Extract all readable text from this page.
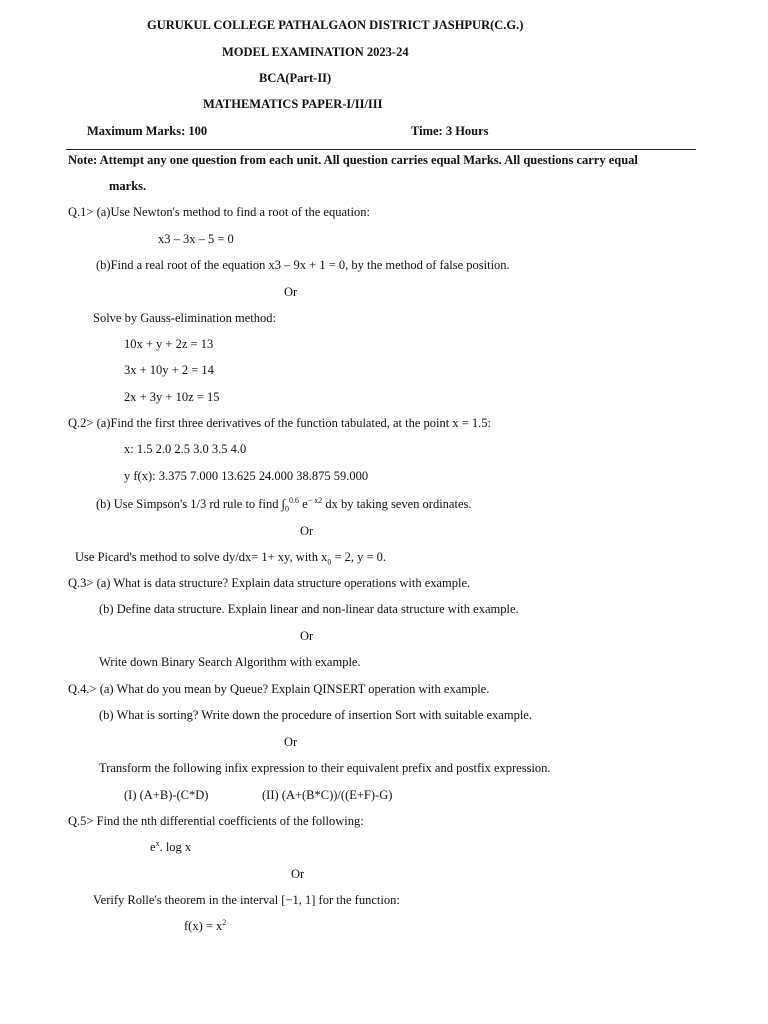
GURUKUL COLLEGE PATHALGAON DISTRICT JASHPUR(C.G.)
MODEL EXAMINATION 2023-24
BCA(Part-II)
MATHEMATICS PAPER-I/II/III
Maximum Marks: 100	Time: 3 Hours
Note: Attempt any one question from each unit. All question carries equal Marks. All questions carry equal
marks.
Q.1> (a)Use Newton's method to find a root of the equation:
x3 – 3x – 5 = 0
(b)Find a real root of the equation x3 – 9x + 1 = 0, by the method of false position.
Or
Solve by Gauss-elimination method:
10x + y + 2z = 13
3x + 10y + 2 = 14
2x + 3y + 10z = 15
Q.2> (a)Find the first three derivatives of the function tabulated, at the point x = 1.5:
x: 1.5 2.0 2.5 3.0 3.5 4.0
y f(x): 3.375 7.000 13.625 24.000 38.875 59.000
(b) Use Simpson's 1/3 rd rule to find $\int_0^{0.6}$ $e^{- x2}$ dx by taking seven ordinates.
Or
Use Picard's method to solve dy/dx= 1+ xy, with $x_0 = 2$, y = 0.
Q.3> (a) What is data structure? Explain data structure operations with example.
(b) Define data structure. Explain linear and non-linear data structure with example.
Or
Write down Binary Search Algorithm with example.
Q.4.> (a) What do you mean by Queue? Explain QINSERT operation with example.
(b) What is sorting? Write down the procedure of insertion Sort with suitable example.
Or
Transform the following infix expression to their equivalent prefix and postfix expression.
(I) (A+B)-(C*D)	(II) (A+(B*C))/((E+F)-G)
Q.5> Find the nth differential coefficients of the following:
$e^x$. log x
Or
Verify Rolle's theorem in the interval [−1, 1] for the function:
$f(x) = x^2$
